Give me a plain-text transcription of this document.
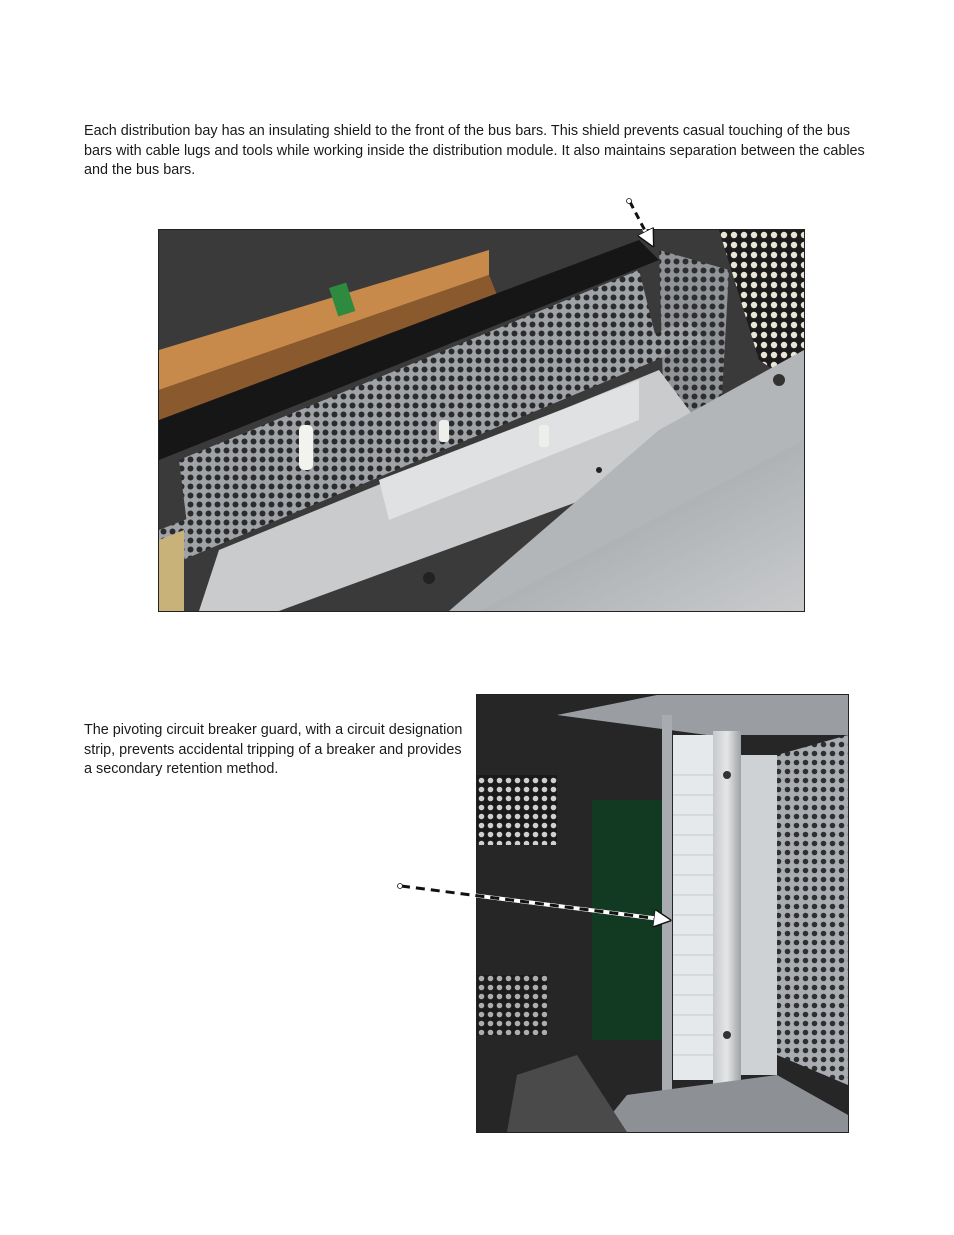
Each distribution bay has an insulating shield to the front of the bus bars. This shield prevents casual touching of the bus bars with cable lugs and tools while working inside the distribution module. It also maintains separation between the cables and the bus bars.

The pivoting circuit breaker guard, with a circuit designation strip, prevents accidental tripping of a breaker and provides a secondary retention method.
